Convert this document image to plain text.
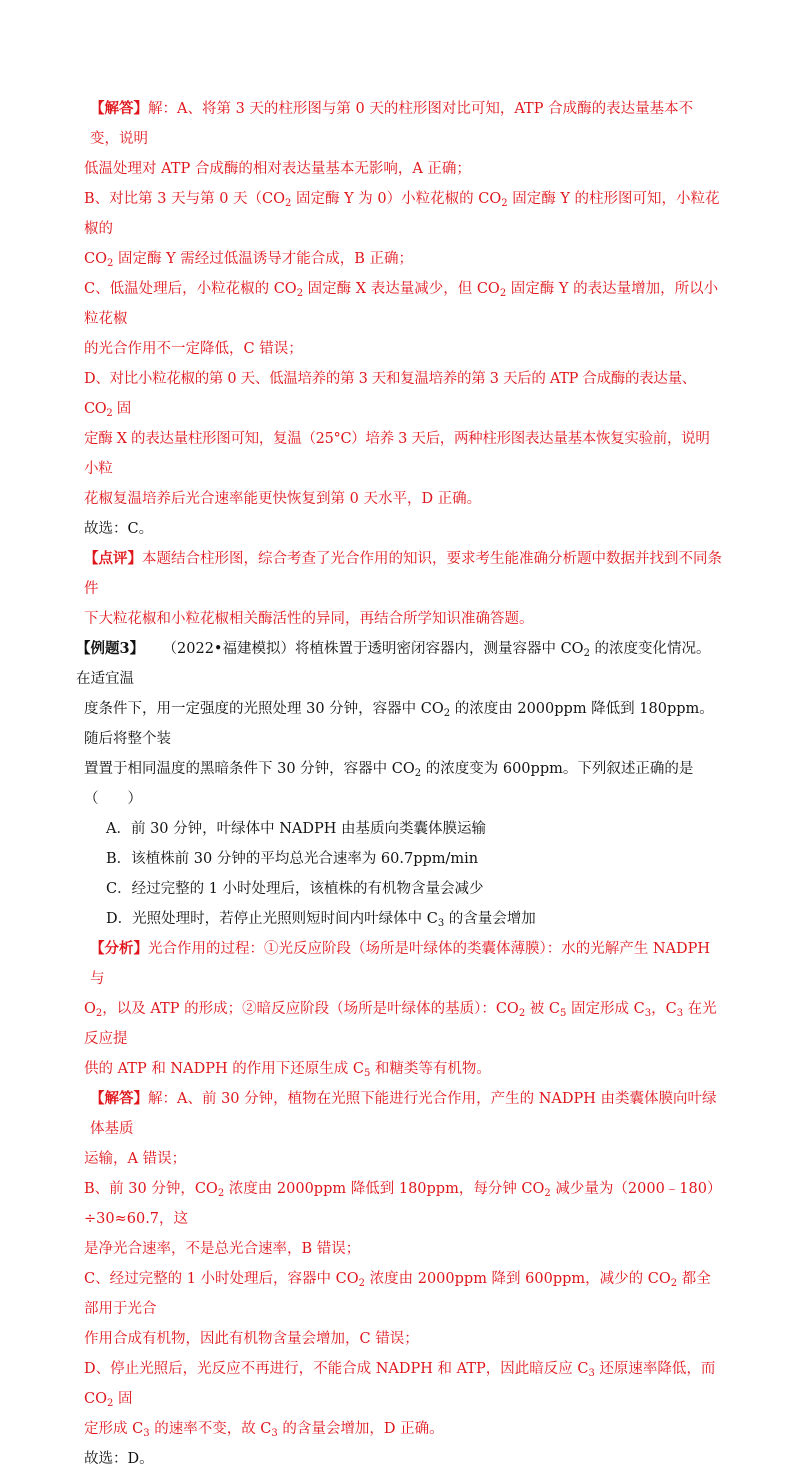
【解答】解：A、将第 3 天的柱形图与第 0 天的柱形图对比可知，ATP 合成酶的表达量基本不变，说明

低温处理对 ATP 合成酶的相对表达量基本无影响，A 正确；

B、对比第 3 天与第 0 天（$CO_2$ 固定酶 Y 为 0）小粒花椒的 $CO_2$ 固定酶 Y 的柱形图可知，小粒花椒的

$CO_2$ 固定酶 Y 需经过低温诱导才能合成，B 正确；

C、低温处理后，小粒花椒的 $CO_2$ 固定酶 X 表达量减少，但 $CO_2$ 固定酶 Y 的表达量增加，所以小粒花椒

的光合作用不一定降低，C 错误；

D、对比小粒花椒的第 0 天、低温培养的第 3 天和复温培养的第 3 天后的 ATP 合成酶的表达量、$CO_2$ 固

定酶 X 的表达量柱形图可知，复温（25°C）培养 3 天后，两种柱形图表达量基本恢复实验前，说明小粒

花椒复温培养后光合速率能更快恢复到第 0 天水平，D 正确。

故选：C。

【点评】本题结合柱形图，综合考查了光合作用的知识，要求考生能准确分析题中数据并找到不同条件

下大粒花椒和小粒花椒相关酶活性的异同，再结合所学知识准确答题。

【例题3】 （2022•福建模拟）将植株置于透明密闭容器内，测量容器中 $CO_2$ 的浓度变化情况。在适宜温

度条件下，用一定强度的光照处理 30 分钟，容器中 $CO_2$ 的浓度由 2000ppm 降低到 180ppm。随后将整个装

置置于相同温度的黑暗条件下 30 分钟，容器中 $CO_2$ 的浓度变为 600ppm。下列叙述正确的是（　　）

A．前 30 分钟，叶绿体中 NADPH 由基质向类囊体膜运输

B．该植株前 30 分钟的平均总光合速率为 60.7ppm/min

C．经过完整的 1 小时处理后，该植株的有机物含量会减少

D．光照处理时，若停止光照则短时间内叶绿体中 $C_3$ 的含量会增加

【分析】光合作用的过程：①光反应阶段（场所是叶绿体的类囊体薄膜）：水的光解产生 NADPH 与

$O_2$，以及 ATP 的形成；②暗反应阶段（场所是叶绿体的基质）：$CO_2$ 被 $C_5$ 固定形成 $C_3$，$C_3$ 在光反应提

供的 ATP 和 NADPH 的作用下还原生成 $C_5$ 和糖类等有机物。

【解答】解：A、前 30 分钟，植物在光照下能进行光合作用，产生的 NADPH 由类囊体膜向叶绿体基质

运输，A 错误；

B、前 30 分钟，$CO_2$ 浓度由 2000ppm 降低到 180ppm，每分钟 $CO_2$ 减少量为（2000﹣180）÷30≈60.7，这

是净光合速率，不是总光合速率，B 错误；

C、经过完整的 1 小时处理后，容器中 $CO_2$ 浓度由 2000ppm 降到 600ppm，减少的 $CO_2$ 都全部用于光合

作用合成有机物，因此有机物含量会增加，C 错误；

D、停止光照后，光反应不再进行，不能合成 NADPH 和 ATP，因此暗反应 $C_3$ 还原速率降低，而 $CO_2$ 固

定形成 $C_3$ 的速率不变，故 $C_3$ 的含量会增加，D 正确。

故选：D。
